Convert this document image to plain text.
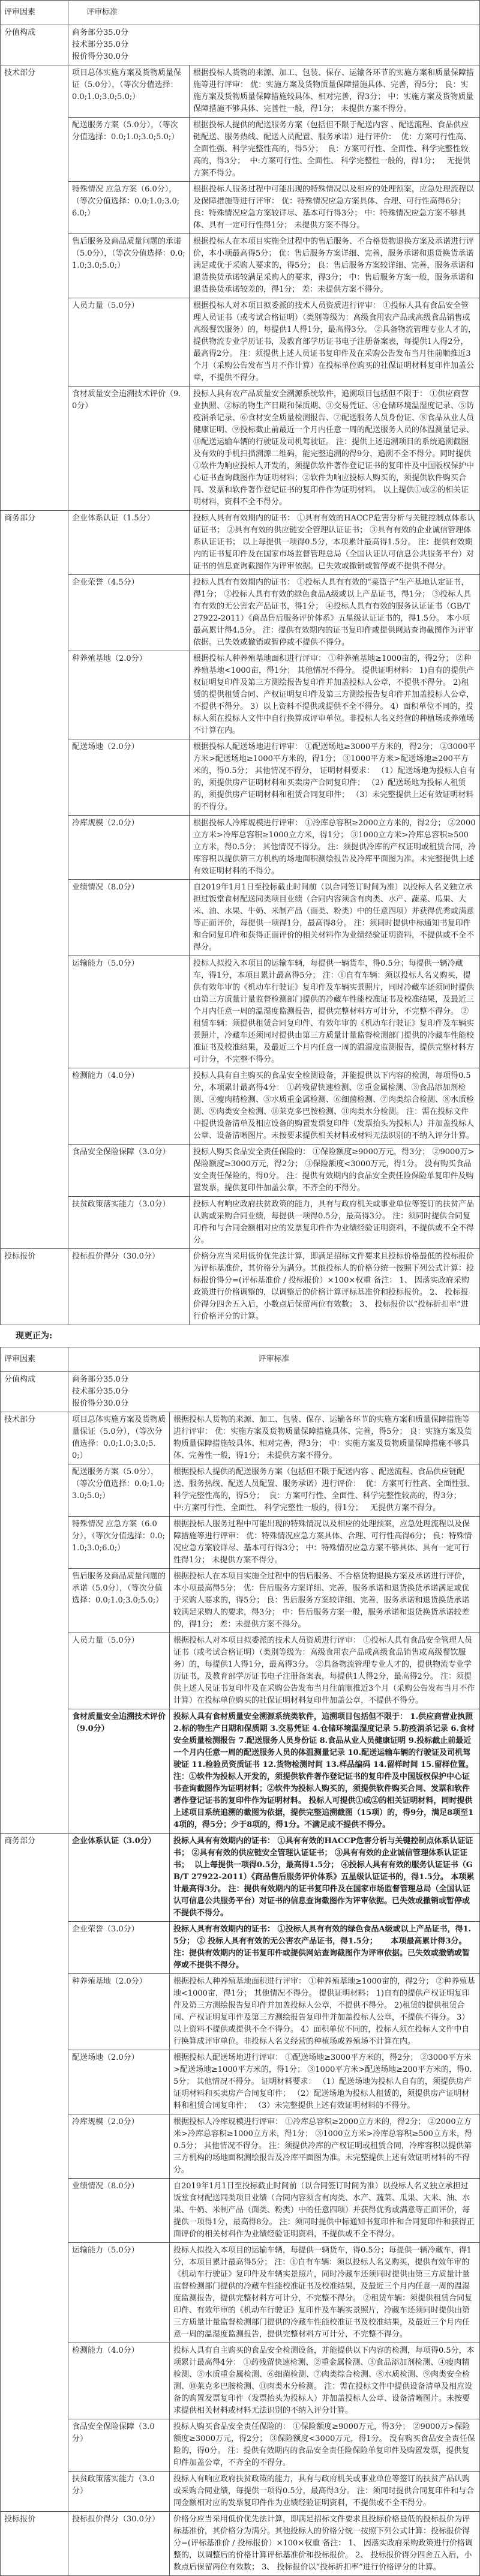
评审因素	评审标准	
分值构成	商务部分35.0分
技术部分35.0分
报价得分30.0分	

技术部分	项目总体实施方案及货物质量保证（5.0分），（等次分值选择：0.0;1.0;3.0;5.0;）	根据投标人货物的来源、加工、包装、保存、运输各环节的实施方案和质量保障措施等进行评审： 优：实施方案及货物质量保障措施具体、完善，得5分； 良：实施方案及货物质量保障措施较具体、相对完善，得3分； 中：实施方案及货物质量保障措施不够具体、完善性一般，得1分； 未提供方案不得分。
	配送服务方案（5.0分），（等次分值选择：0.0;1.0;3.0;5.0;）	根据投标人提供的配送服务方案（包括但不限于配送内容 、配送流程、食品供应链配送、服务热线、配送人员配置、服务承诺）进行评价：  优：方案可行性高、全面性强、科学完整性高的，得5分；  良：方案可行性、全面性、科学完整性较高的，得3分；  中:方案可行性、全面性、 科学完整性一般的，得1分；   无提供方案不得分。
	特殊情况 应急方案（6.0分），（等次分值选择：0.0;1.0;3.0;6.0;）	根据投标人服务过程中可能出现的特殊情况以及相应的处理预案，应急处理流程以及保障措施等进行评审： 优：特殊情况应急方案具体、合理、可行性高得6分； 良：特殊情况应急方案较详尽、基本可行得3分； 中：特殊情况应急方案不够具体、具有一定可行性得1分； 未提供方案不得分。
	售后服务及商品质量问题的承诺（5.0分），（等次分值选择：0.0;1.0;3.0;5.0;）	根据投标人在本项目实施全过程中的售后服务、不合格货物退换方案及承诺进行评价，本小项最高得5分； 优：售后服务方案详细、完善，服务承诺和退货换货承诺满足或优于采购人要求的，得5分； 良：售后服务方案较详细、完善，服务承诺和退货换货承诺较满足采购人的要求，得3分； 中：售后服务方案一般，服务承诺和退货换货承诺较差的，得1分； 差：未提供方案不得分。
	人员力量（5.0分）	根据投标人对本项目拟委派的技术人员资质进行评审： ①投标人具有食品安全管理人员证书（或考试合格证明）（类别等级为：高级食用农产品或高级食品销售或高级餐饮服务）的，每提供1人得1分，最高得3分。 ②具备物流管理专业人才的，提供物流专业学历证书，及教育部学历证书电子注册备案表，每提供1人得2分，最高得2分。 注：须提供上述人员证书复印件及在采购公告发布当月往前顺推近3个月（采购公告发布当月不作计算）在投标单位购买的社保证明材料复印件加盖公章，不提供不得分。
	食材质量安全追溯技术评价（9.0分）	投标人具有农产品质量安全溯源系统软件，追溯项目包括但不限于： ①供应商营业执照、②标的物生产日期和保质期、③交易凭证、④仓储环境温湿度记录、⑤防疫消杀记录、⑥食材安全质量检测报告、⑦配送服务人员身份证、⑧食品从业人员健康证明、⑨投标截止前最近一个月内任意一周的配送服务人员的体温测量记录、⑩配送运输车辆的行驶证及司机驾驶证。 注：提供上述追溯项目的系统追溯截图及有效的手机扫描溯源二维码，能完整追溯的得9分，追溯不全不得分。同时提供①软件为响应投标人开发的，须提供软件著作登记证书的复印件及中国版权保护中心证书查询截图作为证明材料；②软件为响应投标人购买的，须提供软件购买合同、发票和软件著作登记证书的复印件作为证明材料。 以上提供①或②的相关证明材料，资料不全不得分。
商务部分	企业体系认证（1.5分）	投标人具有有效期内的证书： ①具有有效的HACCP危害分析与关键控制点体系认证证书； ②具有有效的供应链安全管理认证证书； ③具有有效的企业诚信管理体系认证证书； 以上每提供一项得0.5分，本项累计最高得1.5分。 注：提供有效期内的证书复印件及在国家市场监督管理总局（全国认证认可信息公共服务平台）对证书的信息查询截图作为评审依据。已失效或撤销或暂停或不提供不得分。
	企业荣誉（4.5分）	投标人具有有效期内的证书： ①投标人具有有效的“菜篮子”生产基地认定证书，得1分； ②投标人具有有效的绿色食品A级或以上产品证书，得1分； ③投标人具有有效的无公害农产品证书，得1分； ④投标人具有有效的服务认证证书（GB/T 27922-2011）《商品售后服务评价体系》五星级认证证书的，得1.5分。 本小项最高累计得4.5分。 注：提供有效期内的证书复印件或提供网站查询截图作为评审依据。已失效或撤销或暂停或不提供不得分。
	种养殖基地（2.0分）	根据投标人种养殖基地面积进行评审： ①种养殖基地≥1000亩的，得2分； ②种养殖基地<1000亩，得1分； 其他情况不得分。 提供证明材料： 1)自有的提供产权证明复印件及第三方测绘报告复印件并加盖投标人公章，不提供不得分。 2)租赁的提供租赁合同、产权证明复印件及第三方测绘报告复印件并加盖投标人公章，不提供不得分。 3）以上资料不提供或提供不全不得分。 4）面积单位不同的，投标人须在投标人文件中自行换算成评审单位。非投标人名义经营的种植场或养殖场不计算在内。
	配送场地（2.0分）	根据投标人配送场地进行评审： ①配送场地≥3000平方米的，得2分； ②3000平方米>配送场地≥1000平方米的，得1分； ③1000平方米>配送场地≥200平方米的，得0.5分； 其他情况不得分， 证明材料要求： （1）配送场地为投标人自有的，须提供房产证明材料和买卖房产合同复印件； （2）配送场地为投标人租赁的，须提供房产证明材料和租赁合同复印件； （3）未完整提供上述有效证明材料的不得分。
	冷库规模（2.0分）	根据投标人冷库规模进行评审： ①冷库总容积≥2000立方米的，得2分； ②2000立方米>冷库总容积≥1000立方米，得1分； ③1000立方米>冷库总容积≥500立方米，得0.5分； 其他情况不得分。 注：须提供冷库的产权证明或租赁合同，冷库容积以提供第三方机构的场地面积测绘报告及冷库平面图为准。未完整提供上述有效证明材料的不得分。
	业绩情况（8.0分）	自2019年1月1日至投标截止时间前（以合同签订时间为准）以投标人名义独立承担过饭堂食材配送同类项目业绩（合同内容须含有肉类、水产、蔬菜、瓜果、大米、油、水果、牛奶、米制产品（面类、粉类）中的任意四项）并获得优秀或满意等正面评价，每提供一项得1分，最高得8分。 注：须同时提供中标通知书复印件和合同复印件和获得正面评价的相关材料作为业绩经验证明资料，不提供或不全不得分。
	运输能力（5.0分）	投标人拟投入本项目的运输车辆，每提供一辆货车，得0.5分；每提供一辆冷藏车，得1分，本项目累计最高得5分； 注：①自有车辆：须以投标人名义购买，提供有效年审的《机动车行驶证》复印件及车辆实景照片，同时冷藏车还须同时提供由第三方质量计量监督检测部门提供的冷藏车性能校准证书及校准结果，及最近三个月内任意一周的温湿度监测报告，提供完整材料方可计分，不完整不得分。 ②租赁车辆：须提供租赁合同复印件、有效年审的《机动车行驶证》复印件及车辆实景照片，冷藏车还须同时提供由第三方质量计量监督检测部门提供的冷藏车性能校准证书及校准结果，及最近三个月内任意一周的温湿度监测报告，提供完整材料方可计分，不完整不得分。
	检测能力（4.0分）	投标人具有自主购买的食品安全检测设备，并能提供以下内容的检测，每项得0.5分，本项累计最高得4分： ①药残留快速检测、②重金属检测、③食品添加剂检测、④瘦肉精检测、⑤水质重金属检测、⑥细菌检测、⑦肉类综合检测、⑧水质检测、⑨肉类安全检测、⑩莱克多巴胺检测、⑪肉类水分检测。 注：需在投标文件中提供设备清单及相应设备的购置发票复印件（发票抬头为投标人）并加盖投标人公章、设备清晰图片。未按要求提供相关材料或材料无法识别的不纳入评分计算。
	食品安全保险保障（3.0分）	投标人购买食品安全责任保险的： ①保险额度≥9000万元，得3分； ②9000万>保险额度≥3000万元，得2分； ③保险额度<3000万元，得1分。 没有购买食品安全责任保险的，得0分。 注：提供有效期内的食品安全责任险保险单复印件及购置发票，提供复印件加盖公章，不齐全的不得分。
	扶贫政策落实能力（3.0分）	投标人有响应政府扶贫政策的能力，具有与政府机关或事业单位等签订的扶贫产品认购或采购合同业绩，每提供一项得0.5分，最高得3分。 注：须同时提供合同复印件和与合同金额相对应的发票复印件作为业绩经验证明资料，不提供或不全不得分。
投标报价	投标报价得分（30.0分）	价格分应当采用低价优先法计算，即满足招标文件要求且投标价格最低的投标报价为评标基准价，其价格分为满分。其他投标人的价格分统一按照下列公式计算：投标报价得分=(评标基准价 / 投标报价）×100×权重 备注： 1、 因落实政府采购政策进行价格调整的，以调整后的价格计算评标基准价和投标报价。 2、 投标报价得分四舍五入后，小数点后保留两位有效数； 3、 投标报价以“投标折扣率”进行价格评分的计算。
现更正为:
评审因素	评审标准	
分值构成	商务部分35.0分
技术部分35.0分
报价得分30.0分	

技术部分	项目总体实施方案及货物质量保证（5.0分），（等次分值选择：0.0;1.0;3.0;5.0;）	根据投标人货物的来源、加工、包装、保存、运输各环节的实施方案和质量保障措施等进行评审： 优：实施方案及货物质量保障措施具体、完善，得5分； 良：实施方案及货物质量保障措施较具体、相对完善，得3分； 中：实施方案及货物质量保障措施不够具体、完善性一般，得1分； 未提供方案不得分。
	配送服务方案（5.0分），（等次分值选择：0.0;1.0;3.0;5.0;）	根据投标人提供的配送服务方案（包括但不限于配送内容 、配送流程、食品供应链配送、服务热线、配送人员配置、服务承诺）进行评价：  优：方案可行性高、全面性强、科学完整性高的，得5分；  良：方案可行性、全面性、科学完整性较高的，得3分；  中:方案可行性、全面性、 科学完整性一般的，得1分；   无提供方案不得分。
	特殊情况 应急方案（6.0分），（等次分值选择：0.0;1.0;3.0;6.0;）	根据投标人服务过程中可能出现的特殊情况以及相应的处理预案，应急处理流程以及保障措施等进行评审： 优：特殊情况应急方案具体、合理、可行性高得6分； 良：特殊情况应急方案较详尽、基本可行得3分； 中：特殊情况应急方案不够具体、具有一定可行性得1分； 未提供方案不得分。
	售后服务及商品质量问题的承诺（5.0分），（等次分值选择：0.0;1.0;3.0;5.0;）	根据投标人在本项目实施全过程中的售后服务、不合格货物退换方案及承诺进行评价，本小项最高得5分； 优：售后服务方案详细、完善，服务承诺和退货换货承诺满足或优于采购人要求的，得5分； 良：售后服务方案较详细、完善，服务承诺和退货换货承诺较满足采购人的要求，得3分； 中：售后服务方案一般，服务承诺和退货换货承诺较差的，得1分； 差：未提供方案不得分。
	人员力量（5.0分）	根据投标人对本项目拟委派的技术人员资质进行评审： ①投标人具有食品安全管理人员证书（或考试合格证明）（类别等级为：高级食用农产品或高级食品销售或高级餐饮服务）的，每提供1人得1分，最高得3分。 ②具备物流管理专业人才的，提供物流专业学历证书，及教育部学历证书电子注册备案表，每提供1人得2分，最高得2分。 注：须提供上述人员证书复印件及在采购公告发布当月往前顺推近3个月（采购公告发布当月不作计算）在投标单位购买的社保证明材料复印件加盖公章，不提供不得分。
	食材质量安全追溯技术评价（9.0分）	投标人具有食材质量安全溯源系统类软件，追溯项目包括但不限于： 1.供应商营业执照 2.标的物生产日期和保质期 3.交易凭证 4.仓储环境温湿度记录 5.防疫消杀记录 6.食材安全质量检测报告 7.配送服务人员身份证 8.食品从业人员健康证明 9.投标截止前最近一个月内任意一周的配送服务人员的体温测量记录 10.配送运输车辆的行驶证及司机驾驶证 11.检验员资质证书 12.货物检测时间 13.样品编码 14.留样时间 15.留样位置。 注：①软件为投标人开发的，须提供软件著作登记证书的复印件及中国版权保护中心证书查询截图作为证明材料；②软件为投标人购买的，须提供软件购买合同、发票和软件著作登记证书的复印件作为证明材料。 投标人可提供①或②的相关证明材料，同时提供上述项目系统追溯的截图为依据，提供完整追溯截图（15项）的，得9分，满足8项至14项的，得5分；少于8项的，得1分。不满足或不提供不得分。
商务部分	企业体系认证（3.0分）	投标人具有有效期内的证书： ①具有有效的HACCP危害分析与关键控制点体系认证证书； ②具有有效的供应链安全管理认证证书； ③具有有效的企业诚信管理体系认证证书；  以上每提供一项得0.5分，最高得1.5分； ④投标人具有有效的服务认证证书（GB/T 27922-2011）《商品售后服务评价体系》五星级认证证书的，得1.5分。 本项累计最高得3分。 注：提供有效期内的证书复印件及在国家市场监督管理总局（全国认证认可信息公共服务平台）对证书的信息查询截图作为评审依据。已失效或撤销或暂停或不提供不得分。
	企业荣誉（3.0分）	投标人具有有效期内的证书： ①投标人具有有效的绿色食品A级或以上产品证书，得1.5分； ② 投标人具有有效的无公害农产品证书，得1.5分；     本项最高累计得3分。
注：提供有效期内的证书复印件或提供网站查询截图作为评审依据。已失效或撤销或暂停或不提供不得分。
	种养殖基地（2.0分）	根据投标人种养殖基地面积进行评审： ①种养殖基地≥1000亩的，得2分； ②种养殖基地<1000亩，得1分； 其他情况不得分。 提供证明材料： 1)自有的提供产权证明复印件及第三方测绘报告复印件并加盖投标人公章，不提供不得分。 2)租赁的提供租赁合同、产权证明复印件及第三方测绘报告复印件并加盖投标人公章，不提供不得分。 3）以上资料不提供或提供不全不得分。 4）面积单位不同的，投标人须在投标人文件中自行换算成评审单位。非投标人名义经营的种植场或养殖场不计算在内。
	配送场地（2.0分）	根据投标人配送场地进行评审： ①配送场地≥3000平方米的，得2分； ②3000平方米>配送场地≥1000平方米的，得1分； ③1000平方米>配送场地≥200平方米的，得0.5分； 其他情况不得分。 证明材料要求： （1）配送场地为投标人自有的，须提供房产证明材料和买卖房产合同复印件； （2）配送场地为投标人租赁的，须提供房产证明材料和租赁合同复印件； （3）未完整提供上述有效证明材料的不得分。
	冷库规模（2.0分）	根据投标人冷库规模进行评审： ①冷库总容积≥2000立方米的，得2分； ②2000立方米>冷库总容积≥1000立方米，得1分； ③1000立方米>冷库总容积≥500立方米，得0.5分； 其他情况不得分。 注：须提供冷库的产权证明或租赁合同，冷库容积以提供第三方机构的场地面积测绘报告及冷库平面图为准。未完整提供上述有效证明材料的不得分。
	业绩情况（8.0分）	自2019年1月1日至投标截止时间前（以合同签订时间为准）以投标人名义独立承担过饭堂食材配送同类项目业绩（合同内容须含有肉类、水产、蔬菜、瓜果、大米、油、水果、牛奶、米制产品（面类、粉类）中的任意四项）并获得优秀或满意等正面评价，每提供一项得1分，最高得8分。 注：须同时提供中标通知书复印件和合同复印件和获得正面评价的相关材料作为业绩经验证明资料，不提供或不全不得分。
	运输能力（5.0分）	投标人拟投入本项目的运输车辆，每提供一辆货车，得0.5分；每提供一辆冷藏车，得1分，本项目累计最高得5分； 注：①自有车辆：须以投标人名义购买，提供有效年审的《机动车行驶证》复印件及车辆实景照片，同时冷藏车还须同时提供由第三方质量计量监督检测部门提供的冷藏车性能校准证书及校准结果，及最近三个月内任意一周的温湿度监测报告，提供完整材料方可计分，不完整不得分。 ②租赁车辆：须提供租赁合同复印件、有效年审的《机动车行驶证》复印件及车辆实景照片，冷藏车还须同时提供由第三方质量计量监督检测部门提供的冷藏车性能校准证书及校准结果，及最近三个月内任意一周的温湿度监测报告，提供完整材料方可计分，不完整不得分。
	检测能力（4.0分）	投标人具有自主购买的食品安全检测设备，并能提供以下内容的检测，每项得0.5分，本项累计最高得4分： ①药残留快速检测、②重金属检测、③食品添加剂检测、④瘦肉精检测、⑤水质重金属检测、⑥细菌检测、⑦肉类综合检测、⑧水质检测、⑨肉类安全检测、⑩莱克多巴胺检测、⑪肉类水分检测。 注：需在投标文件中提供设备清单及相应设备的购置发票复印件（发票抬头为投标人）并加盖投标人公章、设备清晰图片。未按要求提供相关材料或材料无法识别的不纳入评分计算。
	食品安全保险保障（3.0分）	投标人购买食品安全责任保险的： ①保险额度≥9000万元，得3分； ②9000万>保险额度≥3000万元，得2分； ③保险额度<3000万元，得1分。 没有购买食品安全责任保险的，得0分。 注：提供有效期内的食品安全责任险保险单复印件及购置发票，提供复印件加盖公章，不齐全的不得分。
	扶贫政策落实能力（3.0分）	投标人有响应政府扶贫政策的能力，具有与政府机关或事业单位等签订的扶贫产品认购或采购合同业绩，每提供一项得0.5分，最高得3分。 注：须同时提供合同复印件和与合同金额相对应的发票复印件作为业绩经验证明资料，不提供或不全不得分。
投标报价	投标报价得分（30.0分）	价格分应当采用低价优先法计算，即满足招标文件要求且投标价格最低的投标报价为评标基准价，其价格分为满分。其他投标人的价格分统一按照下列公式计算：投标报价得分=(评标基准价 / 投标报价）×100×权重 备注： 1、 因落实政府采购政策进行价格调整的，以调整后的价格计算评标基准价和投标报价。 2、 投标报价得分四舍五入后，小数点后保留两位有效数； 3、 投标报价以“投标折扣率”进行价格评分的计算。
